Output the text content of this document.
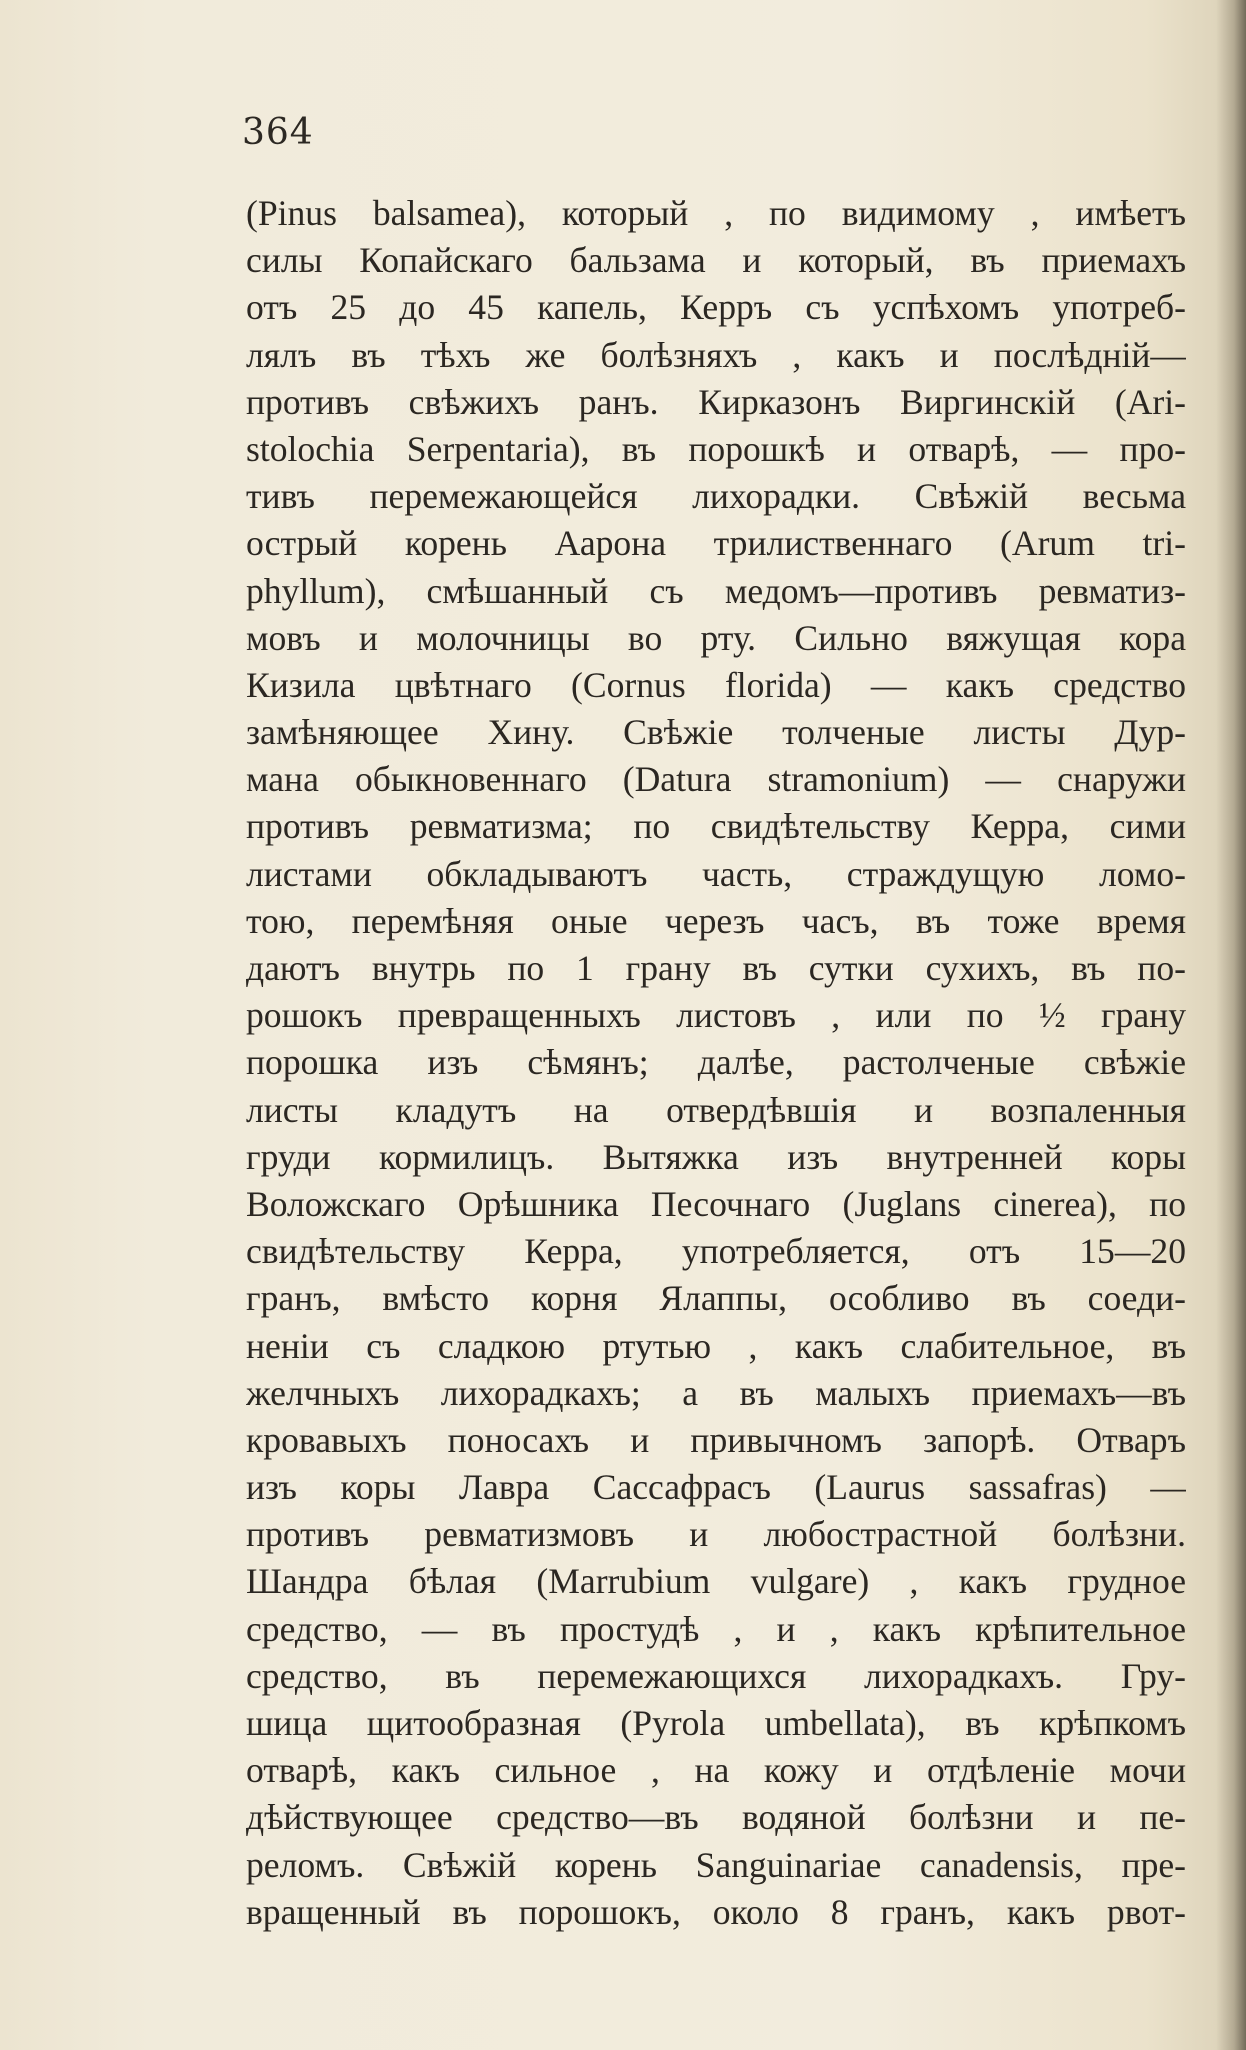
364
(Pinus balsamea), который , по видимому , имѣетъ
силы Копайскаго бальзама и который, въ приемахъ
отъ 25 до 45 капель, Керръ съ успѣхомъ употреб-
лялъ въ тѣхъ же болѣзняхъ , какъ и послѣдній—
противъ свѣжихъ ранъ. Кирказонъ Виргинскій (Ari-
stolochia Serpentaria), въ порошкѣ и отварѣ, — про-
тивъ перемежающейся лихорадки. Свѣжій весьма
острый корень Аарона трилиственнаго (Arum tri-
phyllum), смѣшанный съ медомъ—противъ ревматиз-
мовъ и молочницы во рту. Сильно вяжущая кора
Кизила цвѣтнаго (Cornus florida) — какъ средство
замѣняющее Хину. Свѣжіе толченые листы Дур-
мана обыкновеннаго (Datura stramonium) — снаружи
противъ ревматизма; по свидѣтельству Керра, сими
листами обкладываютъ часть, страждущую ломо-
тою, перемѣняя оные черезъ часъ, въ тоже время
даютъ внутрь по 1 грану въ сутки сухихъ, въ по-
рошокъ превращенныхъ листовъ , или по ½ грану
порошка изъ сѣмянъ; далѣе, растолченые свѣжіе
листы кладутъ на отвердѣвшія и возпаленныя
груди кормилицъ. Вытяжка изъ внутренней коры
Воложскаго Орѣшника Песочнаго (Juglans cinerea), по
свидѣтельству Керра, употребляется, отъ 15—20
гранъ, вмѣсто корня Ялаппы, особливо въ соеди-
неніи съ сладкою ртутью , какъ слабительное, въ
желчныхъ лихорадкахъ; а въ малыхъ приемахъ—въ
кровавыхъ поносахъ и привычномъ запорѣ. Отваръ
изъ коры Лавра Сассафрасъ (Laurus sassafras) —
противъ ревматизмовъ и любострастной болѣзни.
Шандра бѣлая (Marrubium vulgare) , какъ грудное
средство, — въ простудѣ , и , какъ крѣпительное
средство, въ перемежающихся лихорадкахъ. Гру-
шица щитообразная (Pyrola umbellata), въ крѣпкомъ
отварѣ, какъ сильное , на кожу и отдѣленіе мочи
дѣйствующее средство—въ водяной болѣзни и пе-
реломъ. Свѣжій корень Sanguinariae canadensis, пре-
вращенный въ порошокъ, около 8 гранъ, какъ рвот-
